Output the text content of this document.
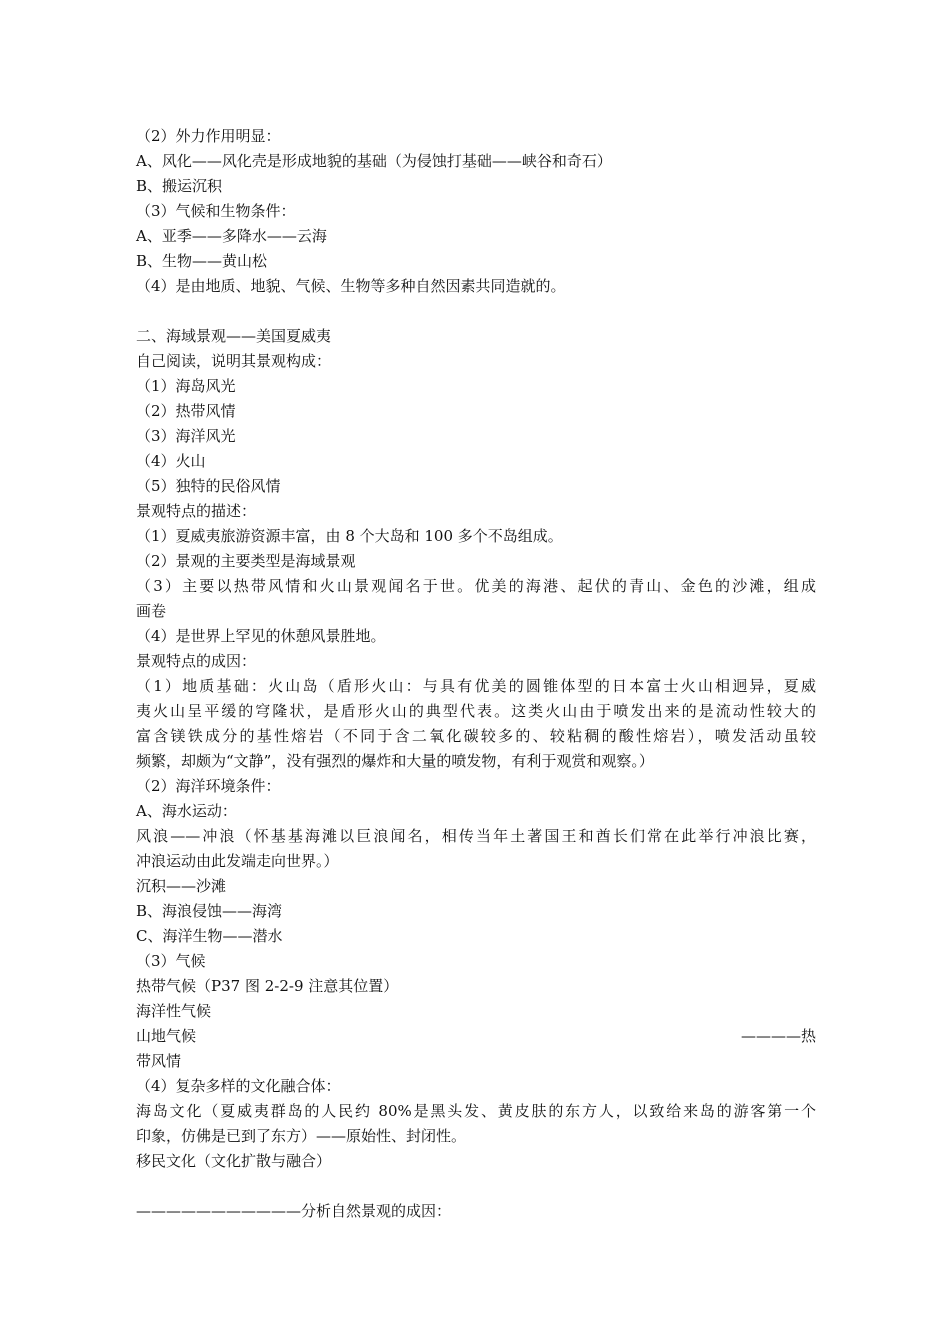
（2）外力作用明显：
A、风化——风化壳是形成地貌的基础（为侵蚀打基础——峡谷和奇石）
B、搬运沉积
（3）气候和生物条件：
A、亚季——多降水——云海
B、生物——黄山松
（4）是由地质、地貌、气候、生物等多种自然因素共同造就的。
二、海域景观——美国夏威夷
自己阅读，说明其景观构成：
（1）海岛风光
（2）热带风情
（3）海洋风光
（4）火山
（5）独特的民俗风情
景观特点的描述：
（1）夏威夷旅游资源丰富，由 8 个大岛和 100 多个不岛组成。
（2）景观的主要类型是海域景观
（3）主要以热带风情和火山景观闻名于世。优美的海港、起伏的青山、金色的沙滩，组成
画卷
（4）是世界上罕见的休憩风景胜地。
景观特点的成因：
（1）地质基础：火山岛（盾形火山：与具有优美的圆锥体型的日本富士火山相迥异，夏威
夷火山呈平缓的穹隆状，是盾形火山的典型代表。这类火山由于喷发出来的是流动性较大的
富含镁铁成分的基性熔岩（不同于含二氧化碳较多的、较粘稠的酸性熔岩），喷发活动虽较
频繁，却颇为“文静”，没有强烈的爆炸和大量的喷发物，有利于观赏和观察。）
（2）海洋环境条件：
A、海水运动：
风浪——冲浪（怀基基海滩以巨浪闻名，相传当年土著国王和酋长们常在此举行冲浪比赛，
冲浪运动由此发端走向世界。）
沉积——沙滩
B、海浪侵蚀——海湾
C、海洋生物——潜水
（3）气候
热带气候（P37 图 2-2-9 注意其位置）
海洋性气候
山地气候	————热
带风情
（4）复杂多样的文化融合体：
海岛文化（夏威夷群岛的人民约 80%是黑头发、黄皮肤的东方人，以致给来岛的游客第一个
印象，仿佛是已到了东方）——原始性、封闭性。
移民文化（文化扩散与融合）
———————————分析自然景观的成因：
